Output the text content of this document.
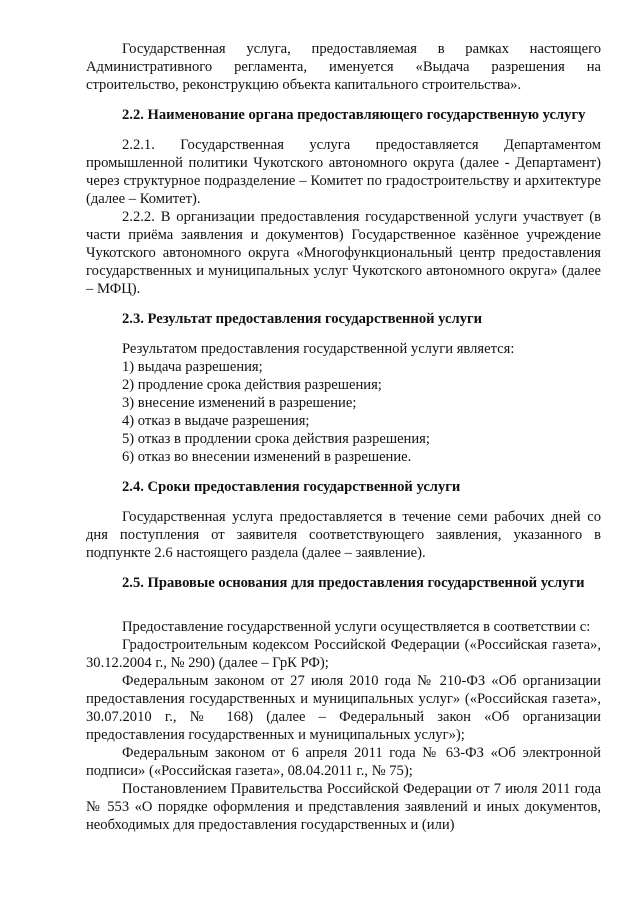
Государственная услуга, предоставляемая в рамках настоящего Административного регламента, именуется «Выдача разрешения на строительство, реконструкцию объекта капитального строительства».

2.2. Наименование органа предоставляющего государственную услугу

2.2.1. Государственная услуга предоставляется Департаментом промышленной политики Чукотского автономного округа (далее - Департамент) через структурное подразделение – Комитет по градостроительству и архитектуре (далее – Комитет).

2.2.2. В организации предоставления государственной услуги участвует (в части приёма заявления и документов) Государственное казённое учреждение Чукотского автономного округа «Многофункциональный центр предоставления государственных и муниципальных услуг Чукотского автономного округа» (далее – МФЦ).

2.3. Результат предоставления государственной услуги

Результатом предоставления государственной услуги является:

1) выдача разрешения;

2) продление срока действия разрешения;

3) внесение изменений в разрешение;

4) отказ в выдаче разрешения;

5) отказ в продлении срока действия разрешения;

6) отказ во внесении изменений в разрешение.

2.4. Сроки предоставления государственной услуги

Государственная услуга предоставляется в течение семи рабочих дней со дня поступления от заявителя соответствующего заявления, указанного в подпункте 2.6 настоящего раздела (далее – заявление).

2.5. Правовые основания для предоставления государственной услуги

Предоставление государственной услуги осуществляется в соответствии с:

Градостроительным кодексом Российской Федерации («Российская газета», 30.12.2004 г., № 290) (далее – ГрК РФ);

Федеральным законом от 27 июля 2010 года № 210-ФЗ «Об организации предоставления государственных и муниципальных услуг» («Российская газета», 30.07.2010 г., № 168) (далее – Федеральный закон «Об организации предоставления государственных и муниципальных услуг»);

Федеральным законом от 6 апреля 2011 года № 63-ФЗ «Об электронной подписи» («Российская газета», 08.04.2011 г., № 75);

Постановлением Правительства Российской Федерации от 7 июля 2011 года № 553 «О порядке оформления и представления заявлений и иных документов, необходимых для предоставления государственных и (или)
